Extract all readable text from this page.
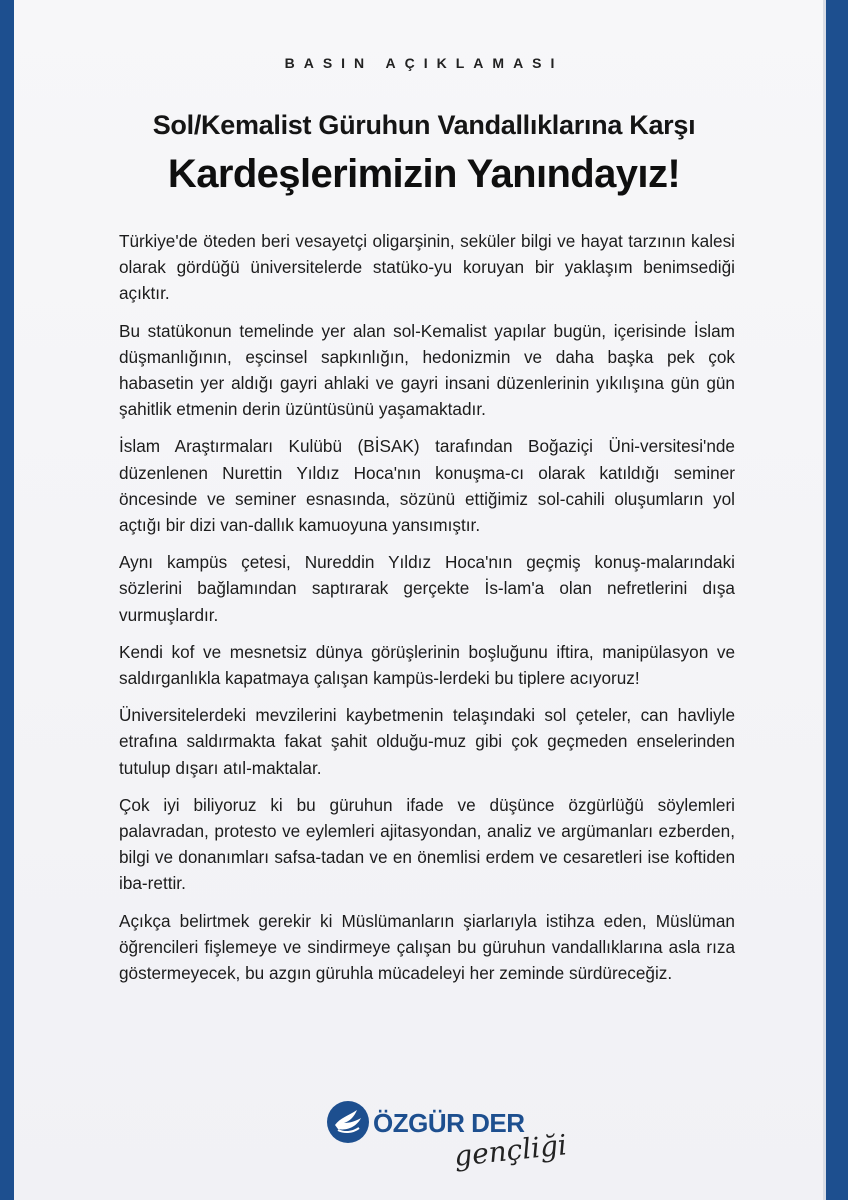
BASIN AÇIKLAMASI
Sol/Kemalist Güruhun Vandallıklarına Karşı
Kardeşlerimizin Yanındayız!

Türkiye'de öteden beri vesayetçi oligarşinin, seküler bilgi ve hayat tarzının kalesi olarak gördüğü üniversitelerde statüko-yu koruyan bir yaklaşım benimsediği açıktır.

Bu statükonun temelinde yer alan sol-Kemalist yapılar bugün, içerisinde İslam düşmanlığının, eşcinsel sapkınlığın, hedonizmin ve daha başka pek çok habasetin yer aldığı gayri ahlaki ve gayri insani düzenlerinin yıkılışına gün gün şahitlik etmenin derin üzüntüsünü yaşamaktadır.

İslam Araştırmaları Kulübü (BİSAK) tarafından Boğaziçi Üni-versitesi'nde düzenlenen Nurettin Yıldız Hoca'nın konuşma-cı olarak katıldığı seminer öncesinde ve seminer esnasında, sözünü ettiğimiz sol-cahili oluşumların yol açtığı bir dizi van-dallık kamuoyuna yansımıştır.

Aynı kampüs çetesi, Nureddin Yıldız Hoca'nın geçmiş konuş-malarındaki sözlerini bağlamından saptırarak gerçekte İs-lam'a olan nefretlerini dışa vurmuşlardır.

Kendi kof ve mesnetsiz dünya görüşlerinin boşluğunu iftira, manipülasyon ve saldırganlıkla kapatmaya çalışan kampüs-lerdeki bu tiplere acıyoruz!

Üniversitelerdeki mevzilerini kaybetmenin telaşındaki sol çeteler, can havliyle etrafına saldırmakta fakat şahit olduğu-muz gibi çok geçmeden enselerinden tutulup dışarı atıl-maktalar.

Çok iyi biliyoruz ki bu güruhun ifade ve düşünce özgürlüğü söylemleri palavradan, protesto ve eylemleri ajitasyondan, analiz ve argümanları ezberden, bilgi ve donanımları safsa-tadan ve en önemlisi erdem ve cesaretleri ise koftiden iba-rettir.

Açıkça belirtmek gerekir ki Müslümanların şiarlarıyla istihza eden, Müslüman öğrencileri fişlemeye ve sindirmeye çalışan bu güruhun vandallıklarına asla rıza göstermeyecek, bu azgın güruhla mücadeleyi her zeminde sürdüreceğiz.

ÖZGÜR DER
gençliği
